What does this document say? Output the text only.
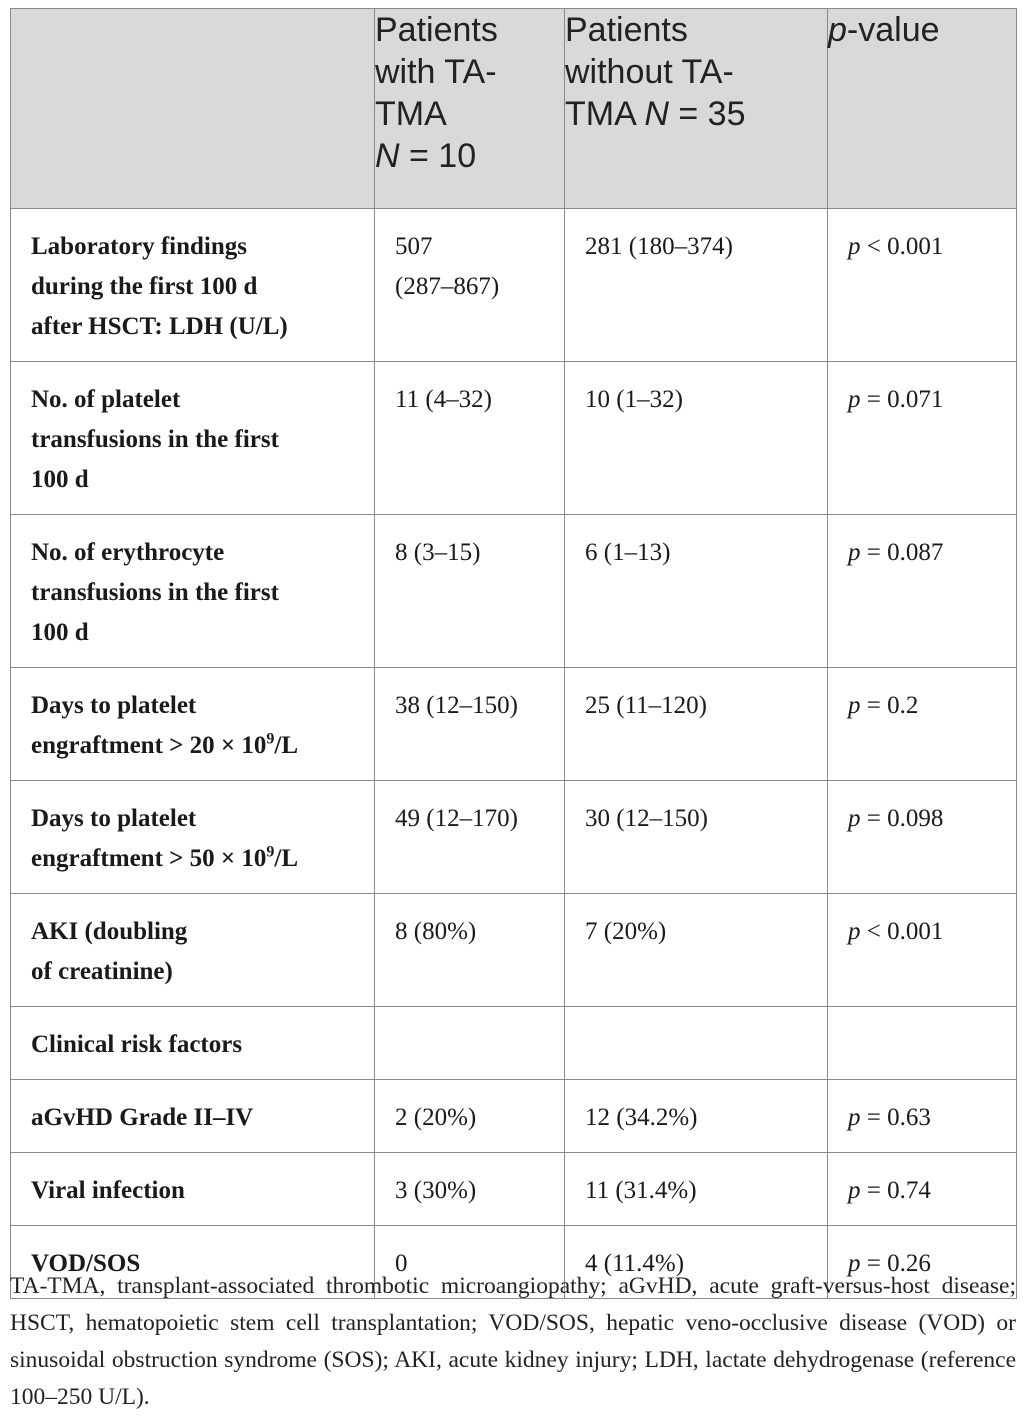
	Patients
with TA-
TMA
N = 10	Patients
without TA-
TMA N = 35	p-value

Laboratory findings
during the first 100 d
after HSCT: LDH (U/L)	507
(287–867)	281 (180–374)	p < 0.001

No. of platelet
transfusions in the first
100 d	11 (4–32)	10 (1–32)	p = 0.071

No. of erythrocyte
transfusions in the first
100 d	8 (3–15)	6 (1–13)	p = 0.087

Days to platelet
engraftment > $20 \times 10^9/L$	38 (12–150)	25 (11–120)	p = 0.2

Days to platelet
engraftment > $50 \times 10^9/L$	49 (12–170)	30 (12–150)	p = 0.098

AKI (doubling
of creatinine)	8 (80%)	7 (20%)	p < 0.001
Clinical risk factors			
aGvHD Grade II–IV	2 (20%)	12 (34.2%)	p = 0.63
Viral infection	3 (30%)	11 (31.4%)	p = 0.74
VOD/SOS	0	4 (11.4%)	p = 0.26
TA-TMA, transplant-associated thrombotic microangiopathy; aGvHD, acute graft-versus-host disease; HSCT, hematopoietic stem cell transplantation; VOD/SOS, hepatic veno-occlusive disease (VOD) or sinusoidal obstruction syndrome (SOS); AKI, acute kidney injury; LDH, lactate dehydrogenase (reference 100–250 U/L).
